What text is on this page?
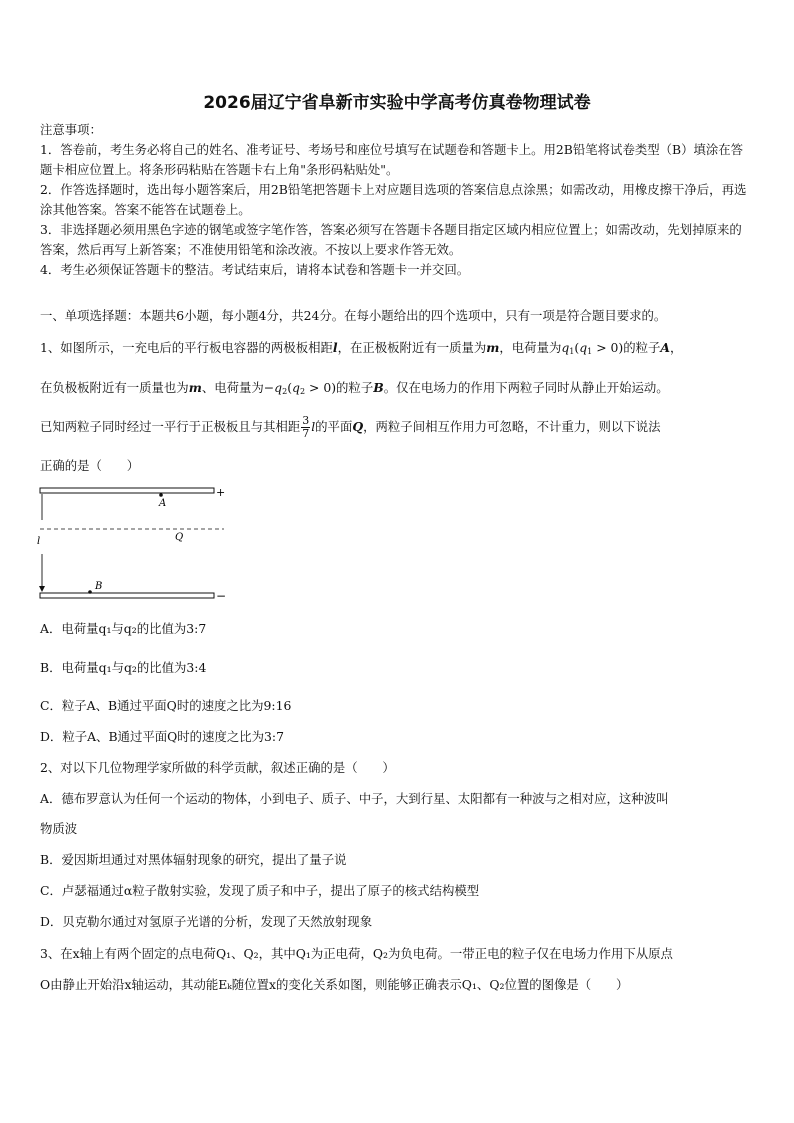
2026届辽宁省阜新市实验中学高考仿真卷物理试卷
注意事项：
1．答卷前，考生务必将自己的姓名、准考证号、考场号和座位号填写在试题卷和答题卡上。用2B铅笔将试卷类型（B）填涂在答题卡相应位置上。将条形码粘贴在答题卡右上角"条形码粘贴处"。
2．作答选择题时，选出每小题答案后，用2B铅笔把答题卡上对应题目选项的答案信息点涂黑；如需改动，用橡皮擦干净后，再选涂其他答案。答案不能答在试题卷上。
3．非选择题必须用黑色字迹的钢笔或签字笔作答，答案必须写在答题卡各题目指定区域内相应位置上；如需改动，先划掉原来的答案，然后再写上新答案；不准使用铅笔和涂改液。不按以上要求作答无效。
4．考生必须保证答题卡的整洁。考试结束后，请将本试卷和答题卡一并交回。
一、单项选择题：本题共6小题，每小题4分，共24分。在每小题给出的四个选项中，只有一项是符合题目要求的。
1、如图所示，一充电后的平行板电容器的两极板相距l，在正极板附近有一质量为m，电荷量为$q_1(q_1 > 0)$的粒子A，
在负极板附近有一质量也为m、电荷量为$-q_2(q_2 > 0)$的粒子B。仅在电场力的作用下两粒子同时从静止开始运动。
已知两粒子同时经过一平行于正极板且与其相距 $\frac{3}{7}$ l的平面Q，两粒子间相互作用力可忽略，不计重力，则以下说法
正确的是（　　）
+
A
Q
l
B
−
A．电荷量q₁与q₂的比值为3:7
B．电荷量q₁与q₂的比值为3:4
C．粒子A、B通过平面Q时的速度之比为9:16
D．粒子A、B通过平面Q时的速度之比为3:7
2、对以下几位物理学家所做的科学贡献，叙述正确的是（　　）
A．德布罗意认为任何一个运动的物体，小到电子、质子、中子，大到行星、太阳都有一种波与之相对应，这种波叫
物质波
B．爱因斯坦通过对黑体辐射现象的研究，提出了量子说
C．卢瑟福通过α粒子散射实验，发现了质子和中子，提出了原子的核式结构模型
D．贝克勒尔通过对氢原子光谱的分析，发现了天然放射现象
3、在x轴上有两个固定的点电荷Q₁、Q₂，其中Q₁为正电荷，Q₂为负电荷。一带正电的粒子仅在电场力作用下从原点
O由静止开始沿x轴运动，其动能Eₖ随位置x的变化关系如图，则能够正确表示Q₁、Q₂位置的图像是（　　）
